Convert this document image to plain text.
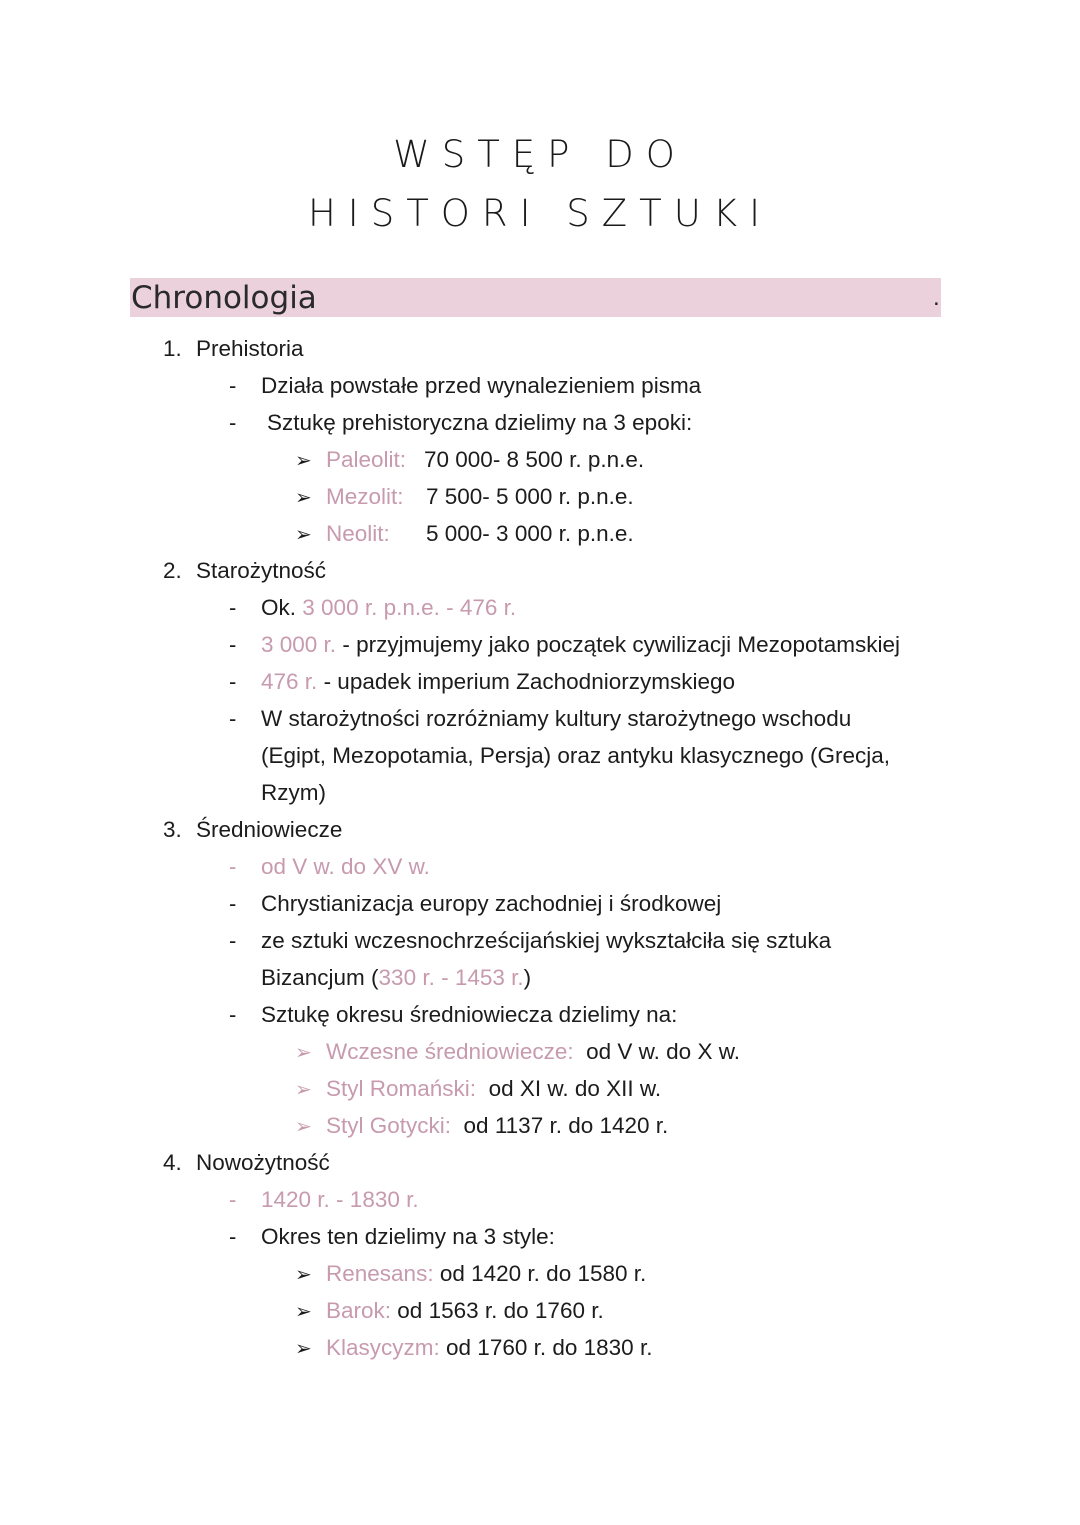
WSTĘP DO
HISTORI SZTUKI
Chronologia	.
1. Prehistoria
- Działa powstałe przed wynalezieniem pisma
- Sztukę prehistoryczna dzielimy na 3 epoki:
➢ Paleolit: 70 000- 8 500 r. p.n.e.
➢ Mezolit: 7 500- 5 000 r. p.n.e.
➢ Neolit: 5 000- 3 000 r. p.n.e.
2. Starożytność
- Ok. 3 000 r. p.n.e. - 476 r.
- 3 000 r. - przyjmujemy jako początek cywilizacji Mezopotamskiej
- 476 r. - upadek imperium Zachodniorzymskiego
- W starożytności rozróżniamy kultury starożytnego wschodu
(Egipt, Mezopotamia, Persja) oraz antyku klasycznego (Grecja,
Rzym)
3. Średniowiecze
- od V w. do XV w.
- Chrystianizacja europy zachodniej i środkowej
- ze sztuki wczesnochrześcijańskiej wykształciła się sztuka
Bizancjum (330 r. - 1453 r.)
- Sztukę okresu średniowiecza dzielimy na:
➢ Wczesne średniowiecze: od V w. do X w.
➢ Styl Romański: od XI w. do XII w.
➢ Styl Gotycki: od 1137 r. do 1420 r.
4. Nowożytność
- 1420 r. - 1830 r.
- Okres ten dzielimy na 3 style:
➢ Renesans: od 1420 r. do 1580 r.
➢ Barok: od 1563 r. do 1760 r.
➢ Klasycyzm: od 1760 r. do 1830 r.
